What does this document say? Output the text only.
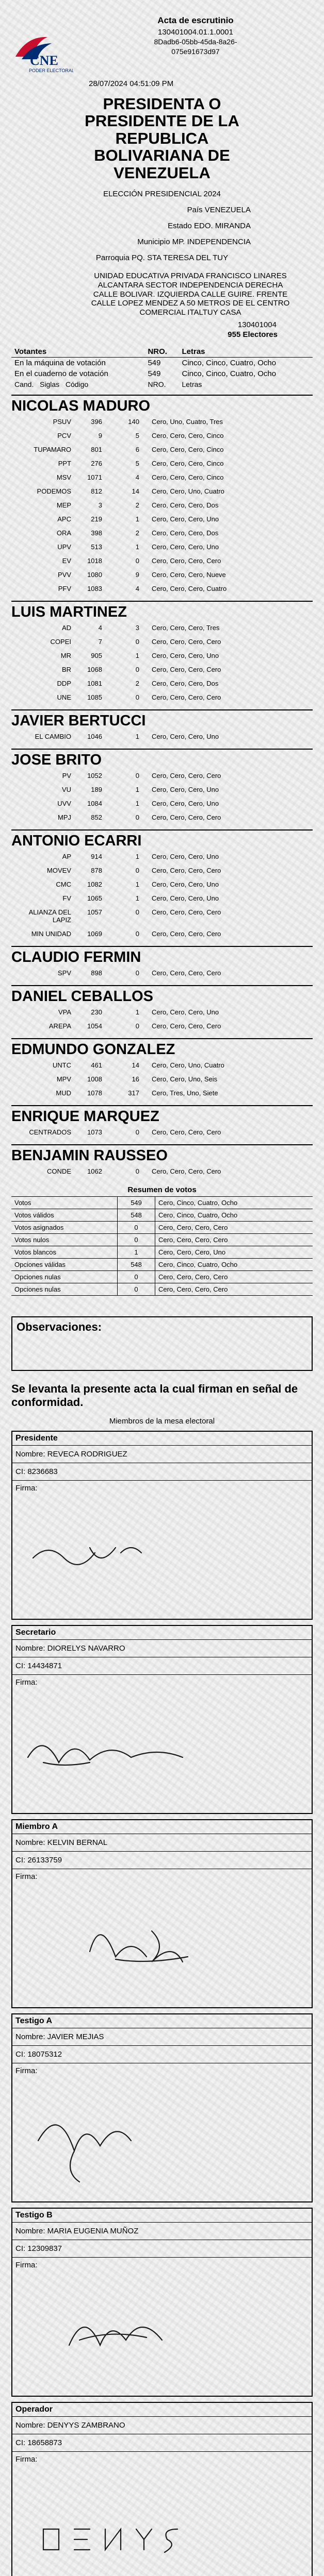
CNE
PODER ELECTORAL
Acta de escrutinio
130401004.01.1.0001
8Dadb6-05bb-45da-8a26-
075e91673d97
28/07/2024 04:51:09 PM
PRESIDENTA O
PRESIDENTE DE LA
REPUBLICA
BOLIVARIANA DE
VENEZUELA
ELECCIÓN PRESIDENCIAL 2024
País VENEZUELA
Estado EDO. MIRANDA
Municipio MP. INDEPENDENCIA
Parroquia PQ. STA TERESA DEL TUY
UNIDAD EDUCATIVA PRIVADA FRANCISCO LINARES ALCANTARA SECTOR INDEPENDENCIA DERECHA CALLE BOLIVAR. IZQUIERDA CALLE GUIRE. FRENTE CALLE LOPEZ MENDEZ A 50 METROS DE EL CENTRO COMERCIAL ITALTUY CASA
130401004
955 Electores
Votantes	NRO.	Letras
En la máquina de votación	549	Cinco, Cinco, Cuatro, Ocho
En el cuaderno de votación	549	Cinco, Cinco, Cuatro, Ocho
Cand. Siglas Código	NRO.	Letras
NICOLAS MADURO
PSUV	396	140	Cero, Uno, Cuatro, Tres
PCV	9	5	Cero, Cero, Cero, Cinco
TUPAMARO	801	6	Cero, Cero, Cero, Cinco
PPT	276	5	Cero, Cero, Cero, Cinco
MSV	1071	4	Cero, Cero, Cero, Cinco
PODEMOS	812	14	Cero, Cero, Uno, Cuatro
MEP	3	2	Cero, Cero, Cero, Dos
APC	219	1	Cero, Cero, Cero, Uno
ORA	398	2	Cero, Cero, Cero, Dos
UPV	513	1	Cero, Cero, Cero, Uno
EV	1018	0	Cero, Cero, Cero, Cero
PVV	1080	9	Cero, Cero, Cero, Nueve
PFV	1083	4	Cero, Cero, Cero, Cuatro
LUIS MARTINEZ
AD	4	3	Cero, Cero, Cero, Tres
COPEI	7	0	Cero, Cero, Cero, Cero
MR	905	1	Cero, Cero, Cero, Uno
BR	1068	0	Cero, Cero, Cero, Cero
DDP	1081	2	Cero, Cero, Cero, Dos
UNE	1085	0	Cero, Cero, Cero, Cero
JAVIER BERTUCCI
EL CAMBIO	1046	1	Cero, Cero, Cero, Uno
JOSE BRITO
PV	1052	0	Cero, Cero, Cero, Cero
VU	189	1	Cero, Cero, Cero, Uno
UVV	1084	1	Cero, Cero, Cero, Uno
MPJ	852	0	Cero, Cero, Cero, Cero
ANTONIO ECARRI
AP	914	1	Cero, Cero, Cero, Uno
MOVEV	878	0	Cero, Cero, Cero, Cero
CMC	1082	1	Cero, Cero, Cero, Uno
FV	1065	1	Cero, Cero, Cero, Uno
ALIANZA DEL LAPIZ	1057	0	Cero, Cero, Cero, Cero
MIN UNIDAD	1069	0	Cero, Cero, Cero, Cero
CLAUDIO FERMIN
SPV	898	0	Cero, Cero, Cero, Cero
DANIEL CEBALLOS
VPA	230	1	Cero, Cero, Cero, Uno
AREPA	1054	0	Cero, Cero, Cero, Cero
EDMUNDO GONZALEZ
UNTC	461	14	Cero, Cero, Uno, Cuatro
MPV	1008	16	Cero, Cero, Uno, Seis
MUD	1078	317	Cero, Tres, Uno, Siete
ENRIQUE MARQUEZ
CENTRADOS	1073	0	Cero, Cero, Cero, Cero
BENJAMIN RAUSSEO
CONDE	1062	0	Cero, Cero, Cero, Cero
Resumen de votos
Votos	549	Cero, Cinco, Cuatro, Ocho
Votos válidos	548	Cero, Cinco, Cuatro, Ocho
Votos asignados	0	Cero, Cero, Cero, Cero
Votos nulos	0	Cero, Cero, Cero, Cero
Votos blancos	1	Cero, Cero, Cero, Uno
Opciones válidas	548	Cero, Cinco, Cuatro, Ocho
Opciones nulas	0	Cero, Cero, Cero, Cero
Opciones nulas	0	Cero, Cero, Cero, Cero
Observaciones:
Se levanta la presente acta la cual firman en señal de conformidad.
Miembros de la mesa electoral
Presidente
Nombre: REVECA RODRIGUEZ
CI: 8236683
Firma:
Secretario
Nombre: DIORELYS NAVARRO
CI: 14434871
Firma:
Miembro A
Nombre: KELVIN BERNAL
CI: 26133759
Firma:
Testigo A
Nombre: JAVIER MEJIAS
CI: 18075312
Firma:
Testigo B
Nombre: MARIA EUGENIA MUÑOZ
CI: 12309837
Firma:
Operador
Nombre: DENYYS ZAMBRANO
CI: 18658873
Firma:
